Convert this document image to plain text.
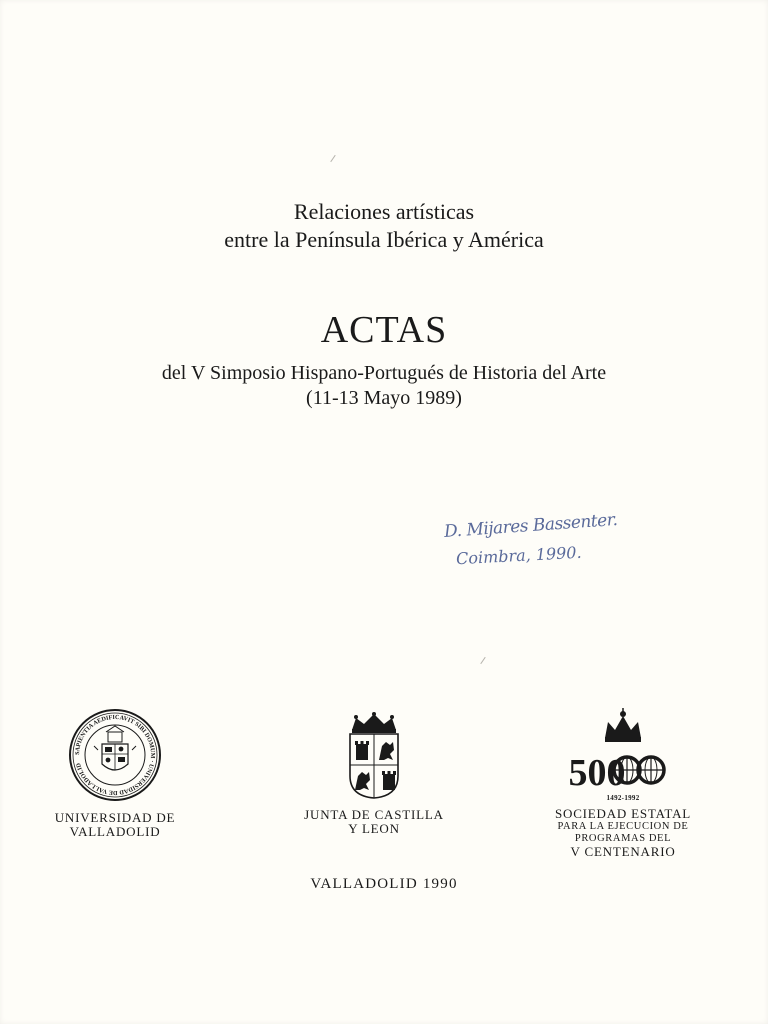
Relaciones artísticas

entre la Península Ibérica y América

ACTAS

del V Simposio Hispano-Portugués de Historia del Arte

(11-13 Mayo 1989)

D. Mijares Bassenter.
Coimbra, 1990.
SAPIENTIA AEDIFICAVIT SIBI DOMUM · UNIVERSIDAD DE VALLADOLID

UNIVERSIDAD DE

VALLADOLID

JUNTA DE CASTILLA

Y LEON

500
1492-1992

SOCIEDAD ESTATAL

PARA LA EJECUCION DE

PROGRAMAS DEL

V CENTENARIO

VALLADOLID 1990
